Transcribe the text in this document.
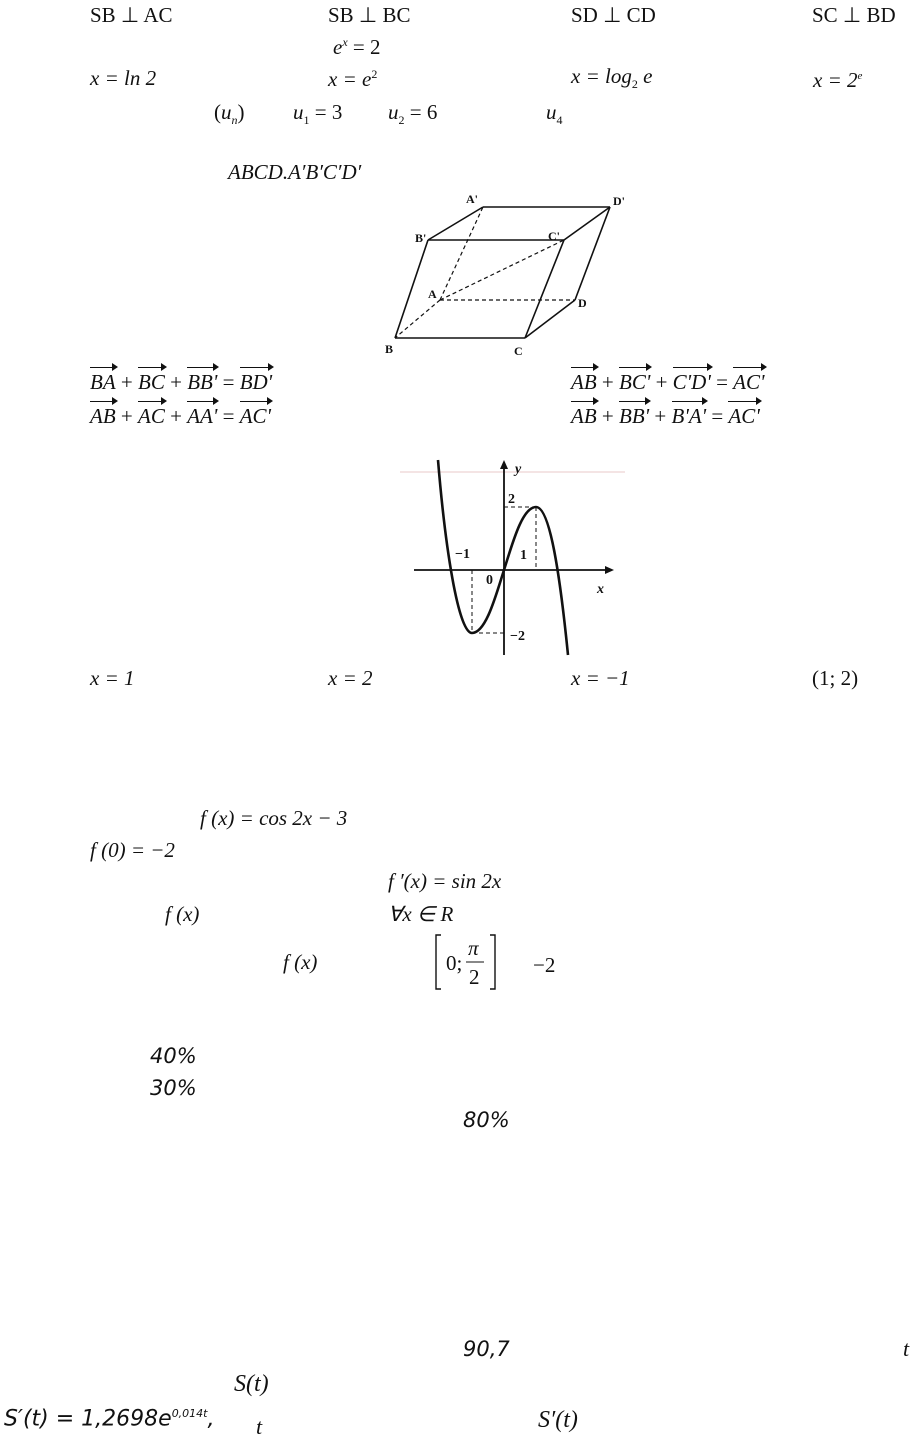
SB ⊥ AC	SB ⊥ BC	SD ⊥ CD	SC ⊥ BD
$e^x = 2$
x = ln 2	$x = e^2$	$x = \log_2 e$	$x = 2^e$
$(u_n) u_1 = 3$ $u_2 = 6$	$u_4$
ABCD.A′B′C′D′
A'	D'
B'	C'
A
D
B	C
BA + BC + BB' = BD'	AB + BC' + C'D' = AC'
AB + AC + AA' = AC'	AB + BB' + B'A' = AC'
y
x
2
−1	1
0
−2
x = 1	x = 2	x = −1	(1; 2)
f (x) = cos 2x − 3
f (0) = −2
f ′(x) = sin 2x
f (x)	∀x ∈ R
f (x)	0;
π
2	−2
40%
30%
80%
90,7	t
S(t)
$S'(t) = 1,2698e^{0,014t}$, t	S′(t)
